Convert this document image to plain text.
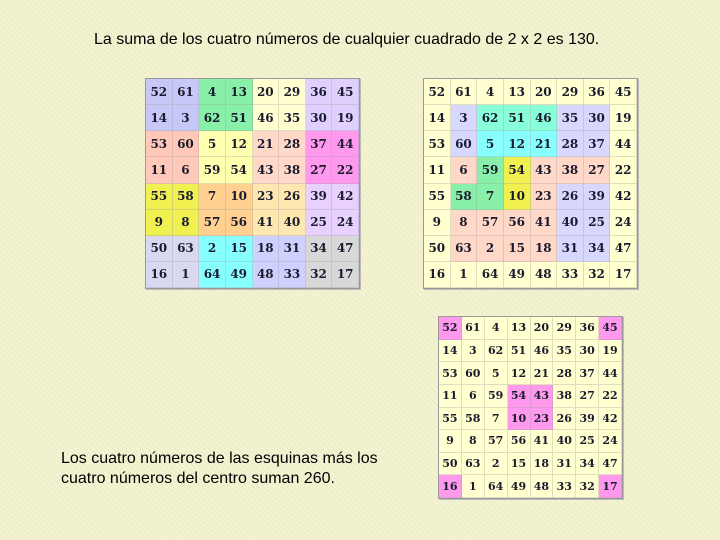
La suma de los cuatro números de cualquier cuadrado de 2 x 2 es 130.
52 61	4	13 20 29 36 45
14	3	62 51 46 35 30 19
53 60	5	12 21 28 37 44
11	6	59 54 43 38 27 22
55 58	7	10 23 26 39 42
9	8	57 56 41 40 25 24
50 63	2	15 18 31 34 47
16	1	64 49 48 33 32 17
52 61	4	13 20 29 36 45
14	3	62 51 46 35 30 19
53 60	5	12 21 28 37 44
11	6	59 54 43 38 27 22
55 58	7	10 23 26 39 42
9	8	57 56 41 40 25 24
50 63	2	15 18 31 34 47
16	1	64 49 48 33 32 17
52 61	4	13 20 29 36 45
14	3	62 51 46 35 30 19
53 60	5	12 21 28 37 44
11	6	59 54 43 38 27 22
55 58	7	10 23 26 39 42
9	8	57 56 41 40 25 24
50 63	2	15 18 31 34 47
16	1	64 49 48 33 32 17
Los cuatro números de las esquinas más los cuatro números del centro suman 260.
